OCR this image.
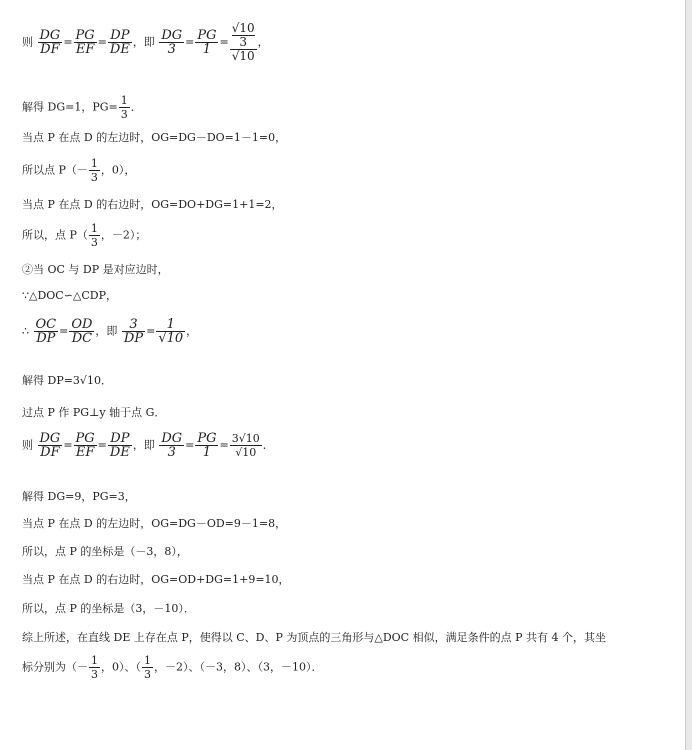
则 $\frac{DG}{DF} = \frac{PG}{EF} = \frac{DP}{DE}$ ，即 $\frac{DG}{3} = \frac{PG}{1} = √10$
3
√10 ，
解得 DG=1，$PG= \frac{1}{3}$ ．
当点 P 在点 D 的左边时，OG=DG－DO=1－1=0，
所以点 $P(- \frac{1}{3}$ ，0），
当点 P 在点 D 的右边时，OG=DO+DG=1+1=2，
所以，点 $P( \frac{1}{3}$ ，－2）；
②当 OC 与 DP 是对应边时，
∵△DOC∽△CDP，
∴ $\frac{OC}{DP} = \frac{OD}{DC}$ ，即 $\frac{3}{DP} = \frac{1}{√10}$ ，
解得 DP=3√10．
过点 P 作 PG⊥y 轴于点 G．
则 $\frac{DG}{DF} = \frac{PG}{EF} = \frac{DP}{DE}$ ，即 $\frac{DG}{3} = \frac{PG}{1} = \frac{3√10}{√10}$ ．
解得 DG=9，PG=3，
当点 P 在点 D 的左边时，OG=DG－OD=9－1=8，
所以，点 P 的坐标是（－3，8），
当点 P 在点 D 的右边时，OG=OD+DG=1+9=10，
所以，点 P 的坐标是（3，－10）．
综上所述，在直线 DE 上存在点 P，使得以 C、D、P 为顶点的三角形与△DOC 相似，满足条件的点 P 共有 4 个，其坐
标分别为（－ $\frac{1}{3}$ ，0）、（ $\frac{1}{3}$ ，－2）、（－3，8）、（3，－10）．
